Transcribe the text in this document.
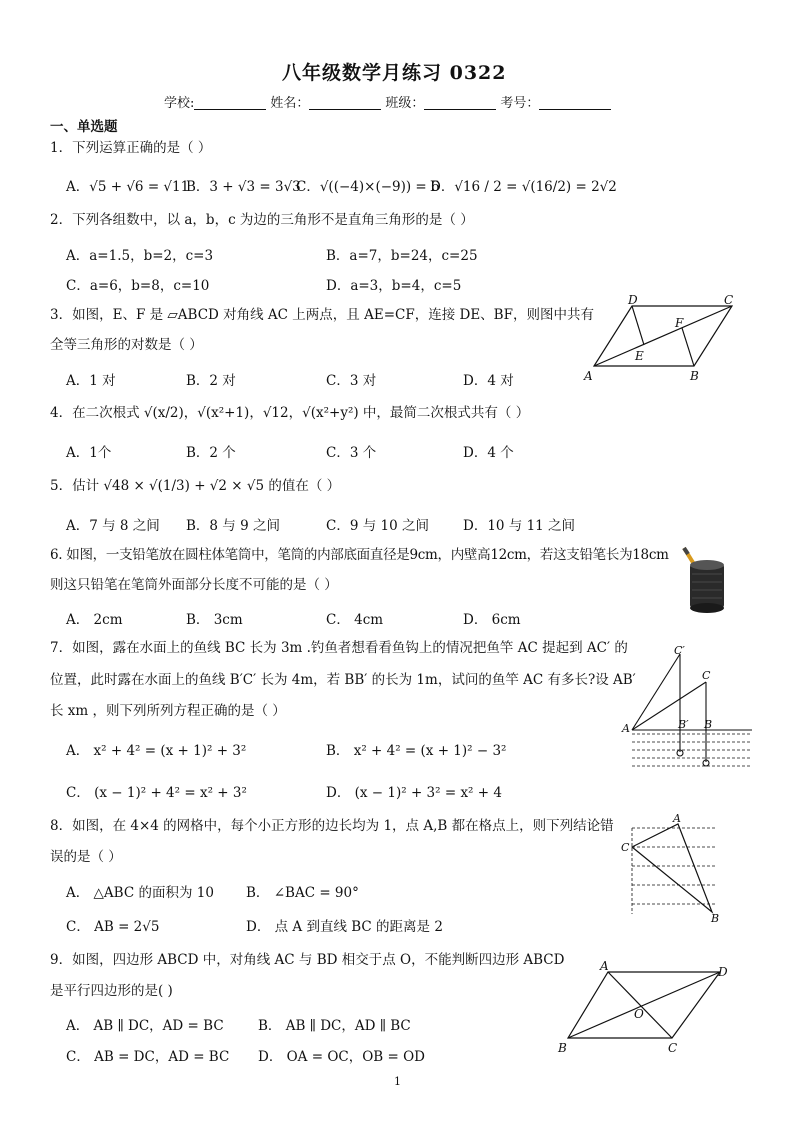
八年级数学月练习 0322
学校:	姓名：	班级：	考号：
一、单选题
1．下列运算正确的是（ ）
A．√5 + √6 = √11
B．3 + √3 = 3√3
C．√((−4)×(−9)) = 6
D．√16 / 2 = √(16/2) = 2√2
2．下列各组数中，以 a，b，c 为边的三角形不是直角三角形的是（ ）
A．a=1.5，b=2，c=3	B．a=7，b=24，c=25
C．a=6，b=8，c=10	D．a=3，b=4，c=5
3．如图，E、F 是 ▱ABCD 对角线 AC 上两点，且 AE=CF，连接 DE、BF，则图中共有
全等三角形的对数是（ ）
A．1 对	B．2 对	C．3 对	D．4 对	A	B
C
D
E
F
4．在二次根式 √(x/2)，√(x²+1)，√12，√(x²+y²) 中，最简二次根式共有（ ）
A．1个	B．2 个	C．3 个	D．4 个
5．估计 √48 × √(1/3) + √2 × √5 的值在（ ）
A．7 与 8 之间 B．8 与 9 之间	C．9 与 10 之间	D．10 与 11 之间
6. 如图，一支铅笔放在圆柱体笔筒中，笔筒的内部底面直径是9cm，内壁高12cm，若这支铅笔长为18cm
则这只铅笔在笔筒外面部分长度不可能的是（ ）
A． 2cm	B． 3cm	C． 4cm	D． 6cm
7．如图，露在水面上的鱼线 BC 长为 3m .钓鱼者想看看鱼钩上的情况把鱼竿 AC 提起到 AC′ 的
位置，此时露在水面上的鱼线 B′C′ 长为 4m，若 BB′ 的长为 1m，试问的鱼竿 AC 有多长?设 AB′
长 xm ，则下列所列方程正确的是（ ）
A． x² + 4² = (x + 1)² + 3²	B． x² + 4² = (x + 1)² − 3²
C． (x − 1)² + 4² = x² + 3²	D． (x − 1)² + 3² = x² + 4
C′
C
A	B′ B
8．如图，在 4×4 的网格中，每个小正方形的边长均为 1，点 A,B 都在格点上，则下列结论错
误的是（ ）
A． △ABC 的面积为 10 B． ∠BAC = 90°
C． AB = 2√5	D． 点 A 到直线 BC 的距离是 2
A
C
B
9．如图，四边形 ABCD 中，对角线 AC 与 BD 相交于点 O，不能判断四边形 ABCD
是平行四边形的是( )
A． AB ∥ DC，AD = BC	B． AB ∥ DC，AD ∥ BC
C． AB = DC，AD = BC D． OA = OC，OB = OD
A	D
O
B	C
1
